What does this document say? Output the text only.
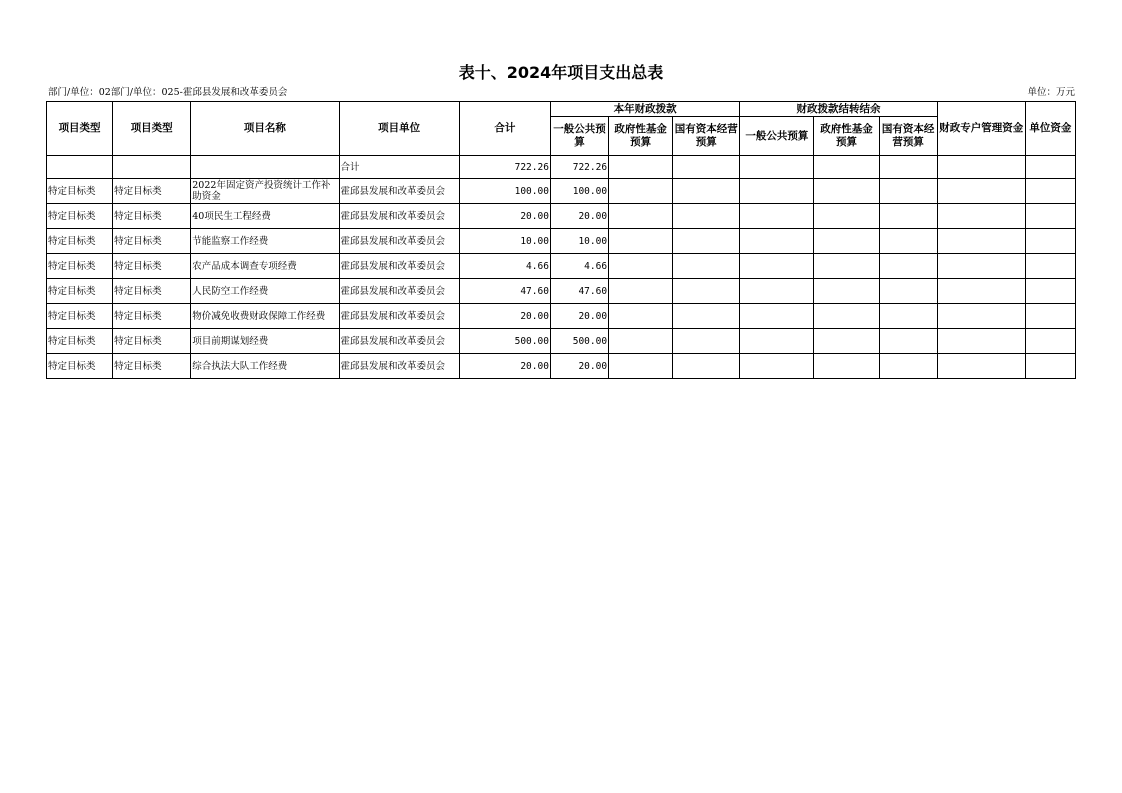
表十、2024年项目支出总表
部门/单位：02部门/单位：025-霍邱县发展和改革委员会	单位：万元
项目类型	项目类型	项目名称	项目单位	合计	本年财政拨款			财政拨款结转结余			财政专户管理资金	单位资金
					一般公共预算	政府性基金预算	国有资本经营预算	一般公共预算	政府性基金预算	国有资本经营预算		
			合计	722.26	722.26							
特定目标类	特定目标类	2022年固定资产投资统计工作补助资金	霍邱县发展和改革委员会	100.00	100.00							
特定目标类	特定目标类	40项民生工程经费	霍邱县发展和改革委员会	20.00	20.00							
特定目标类	特定目标类	节能监察工作经费	霍邱县发展和改革委员会	10.00	10.00							
特定目标类	特定目标类	农产品成本调查专项经费	霍邱县发展和改革委员会	4.66	4.66							
特定目标类	特定目标类	人民防空工作经费	霍邱县发展和改革委员会	47.60	47.60							
特定目标类	特定目标类	物价减免收费财政保障工作经费	霍邱县发展和改革委员会	20.00	20.00							
特定目标类	特定目标类	项目前期谋划经费	霍邱县发展和改革委员会	500.00	500.00							
特定目标类	特定目标类	综合执法大队工作经费	霍邱县发展和改革委员会	20.00	20.00							
